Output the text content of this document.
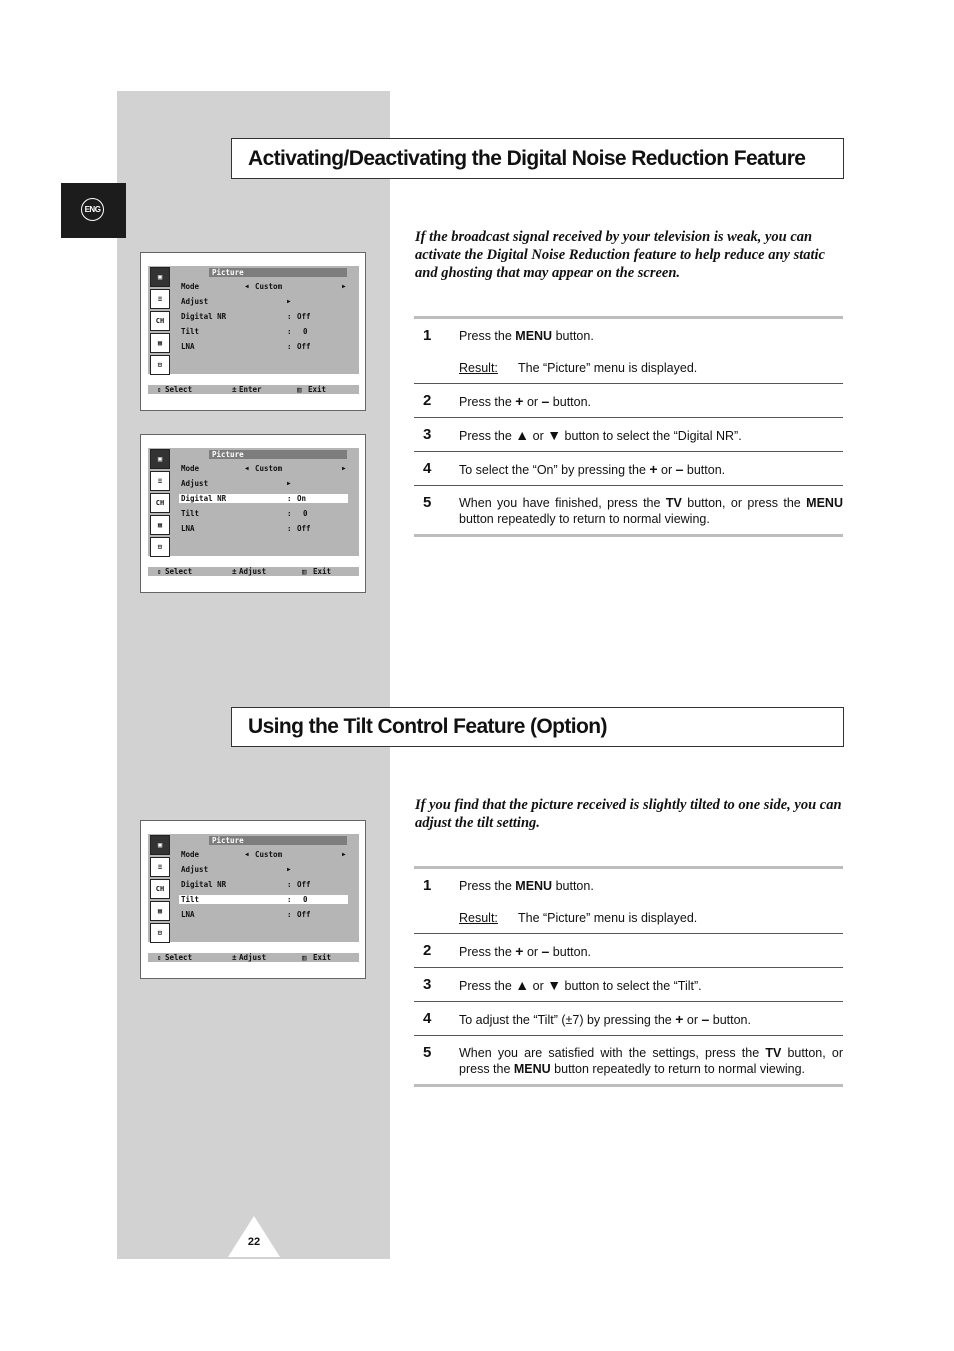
ENG
Activating/Deactivating the Digital Noise Reduction Feature

If the broadcast signal received by your television is weak, you can activate the Digital Noise Reduction feature to help reduce any static and ghosting that may appear on the screen.

1	Press the MENU button.
Result:	The “Picture” menu is displayed.
2	Press the + or – button.
3	Press the ▲ or ▼ button to select the “Digital NR”.
4	To select the “On” by pressing the + or – button.
5	When you have finished, press the TV button, or press the MENU button repeatedly to return to normal viewing.
▣
≡
CH
▦
⊟
Picture
Mode	◀ Custom	▶
Adjust	▶
Digital NR	: Off
Tilt	: 0
LNA	: Off
⇕ Select	± Enter	▥ Exit
▣
≡
CH
▦
⊟
Picture
Mode	◀ Custom	▶
Adjust	▶
Digital NR	: On
Tilt	: 0
LNA	: Off
⇕ Select	± Adjust	▥ Exit
Using the Tilt Control Feature (Option)

If you find that the picture received is slightly tilted to one side, you can adjust the tilt setting.

1	Press the MENU button.
Result:	The “Picture” menu is displayed.
2	Press the + or – button.
3	Press the ▲ or ▼ button to select the “Tilt”.
4	To adjust the “Tilt” (±7) by pressing the + or – button.
5	When you are satisfied with the settings, press the TV button, or press the MENU button repeatedly to return to normal viewing.
▣
≡
CH
▦
⊟
Picture
Mode	◀ Custom	▶
Adjust	▶
Digital NR	: Off
Tilt	: 0
LNA	: Off
⇕ Select	± Adjust	▥ Exit
22
